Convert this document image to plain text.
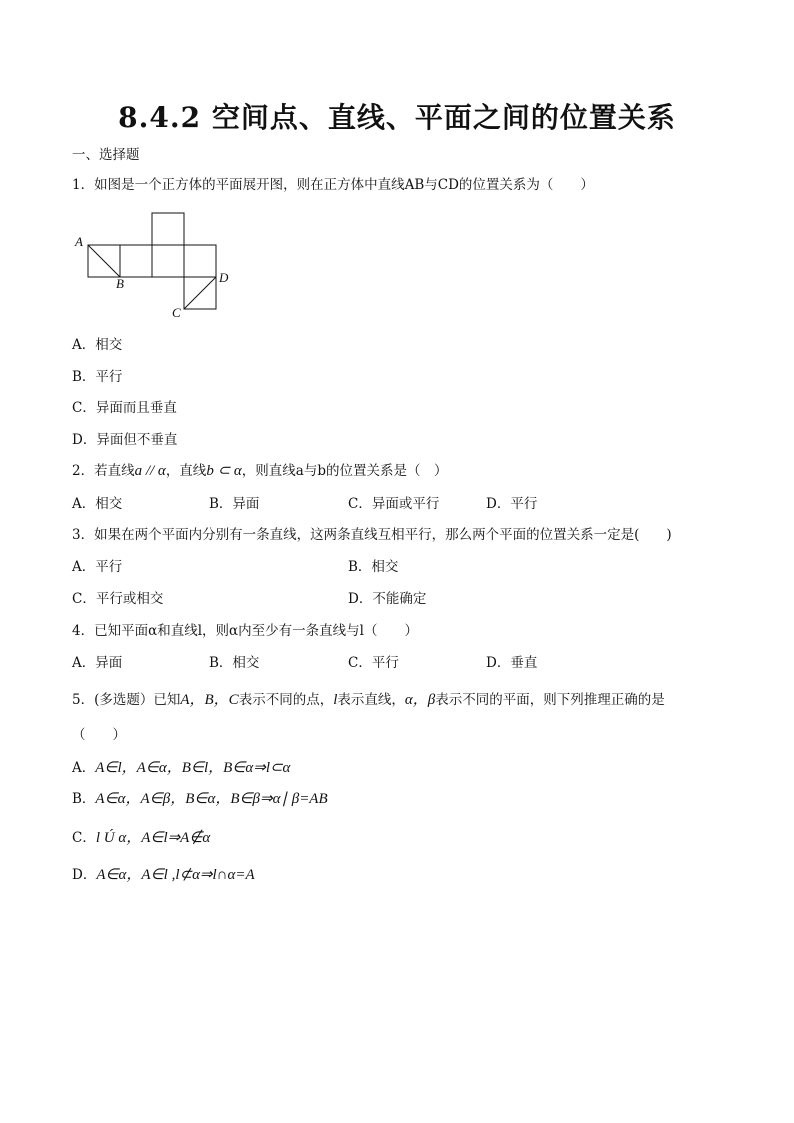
8.4.2 空间点、直线、平面之间的位置关系
一、选择题
1．如图是一个正方体的平面展开图，则在正方体中直线AB与CD的位置关系为（　　）
A
B	D
C
A．相交
B．平行
C．异面而且垂直
D．异面但不垂直
2．若直线a // α，直线b ⊂ α，则直线a与b的位置关系是（　）
A．相交	B．异面	C．异面或平行	D．平行
3．如果在两个平面内分别有一条直线，这两条直线互相平行，那么两个平面的位置关系一定是(　　)
A．平行	B．相交
C．平行或相交	D．不能确定
4．已知平面α和直线l，则α内至少有一条直线与l（　　）
A．异面	B．相交	C．平行	D．垂直
5．(多选题）已知A，B，C表示不同的点，l表示直线，α，β表示不同的平面，则下列推理正确的是
（　　）
A．A∈l，A∈α，B∈l，B∈α⇒l⊂α
B．A∈α，A∈β，B∈α，B∈β⇒α∣ β=AB
C．l Ú α，A∈l⇒A∉α
D．A∈α，A∈l ,l⊄α⇒l∩α=A
